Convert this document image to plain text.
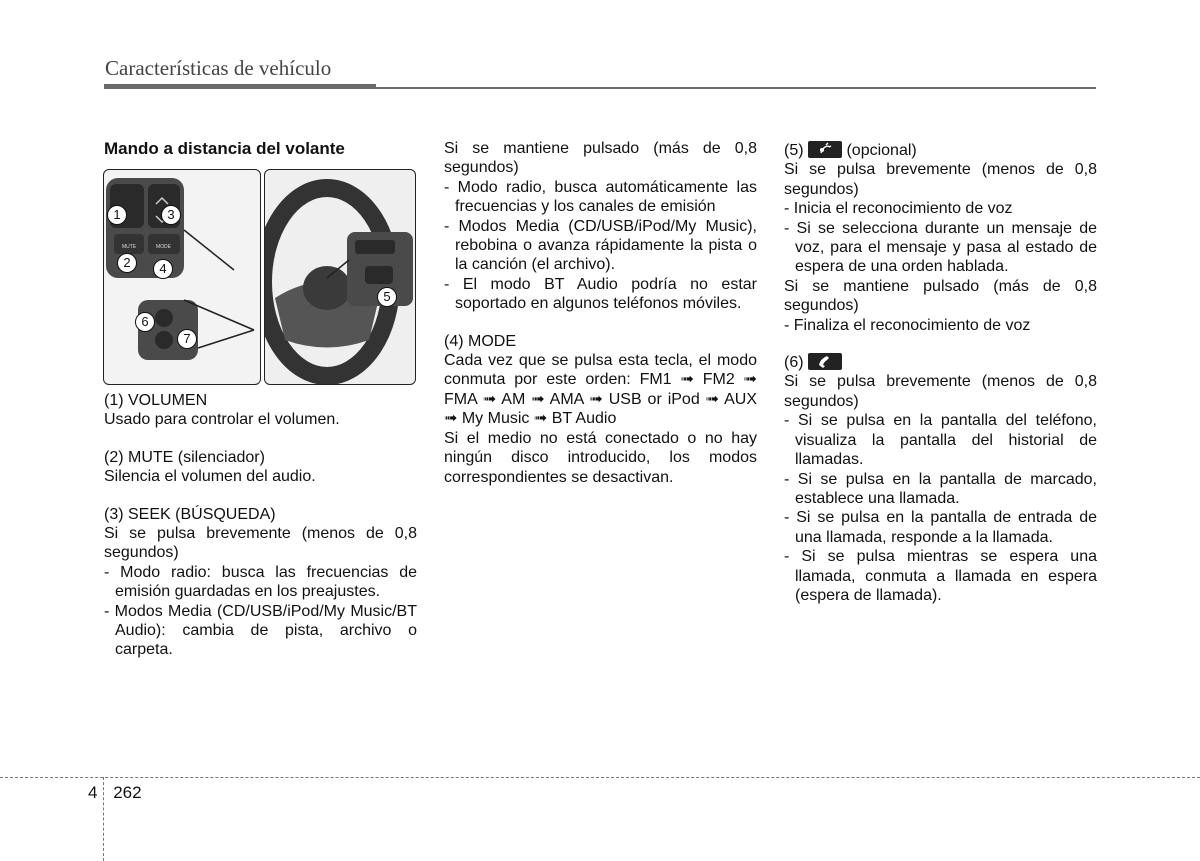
Características de vehículo
Mando a distancia del volante
MUTE	MODE
1
2
3
4
5
6
7

(1) VOLUMEN

Usado para controlar el volumen.

(2) MUTE (silenciador)

Silencia el volumen del audio.

(3) SEEK (BÚSQUEDA)

Si se pulsa brevemente (menos de 0,8

segundos)

- Modo radio: busca las frecuencias de emisión guardadas en los preajustes.

- Modos Media (CD/USB/iPod/My Music/BT Audio): cambia de pista, archivo o carpeta.

Si se mantiene pulsado (más de 0,8

segundos)

- Modo radio, busca automáticamente las frecuencias y los canales de emisión

- Modos Media (CD/USB/iPod/My Music), rebobina o avanza rápidamente la pista o la canción (el archivo).

- El modo BT Audio podría no estar soportado en algunos teléfonos móviles.

(4) MODE

Cada vez que se pulsa esta tecla, el modo conmuta por este orden: FM1 ➟ FM2 ➟ FMA ➟ AM ➟ AMA ➟ USB or iPod ➟ AUX ➟ My Music ➟ BT Audio

Si el medio no está conectado o no hay ningún disco introducido, los modos correspondientes se desactivan.

(5)	(opcional)

Si se pulsa brevemente (menos de 0,8

segundos)

- Inicia el reconocimiento de voz

- Si se selecciona durante un mensaje de voz, para el mensaje y pasa al estado de espera de una orden hablada.

Si se mantiene pulsado (más de 0,8

segundos)

- Finaliza el reconocimiento de voz

(6)

Si se pulsa brevemente (menos de 0,8

segundos)

- Si se pulsa en la pantalla del teléfono, visualiza la pantalla del historial de llamadas.

- Si se pulsa en la pantalla de marcado, establece una llamada.

- Si se pulsa en la pantalla de entrada de una llamada, responde a la llamada.

- Si se pulsa mientras se espera una llamada, conmuta a llamada en espera (espera de llamada).

4 262
